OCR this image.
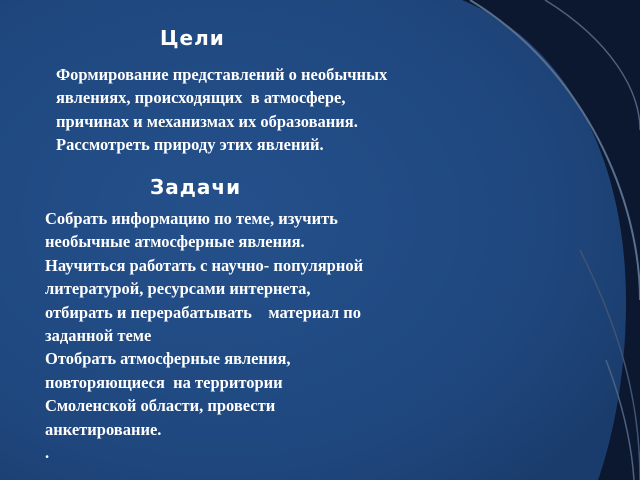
Цели
Формирование представлений о необычных
явлениях, происходящих  в атмосфере,
причинах и механизмах их образования.
Рассмотреть природу этих явлений.
Задачи
Собрать информацию по теме, изучить
необычные атмосферные явления.
Научиться работать с научно- популярной
литературой, ресурсами интернета,
отбирать и перерабатывать    материал по
заданной теме
Отобрать атмосферные явления,
повторяющиеся  на территории
Смоленской области, провести
анкетирование.
.
